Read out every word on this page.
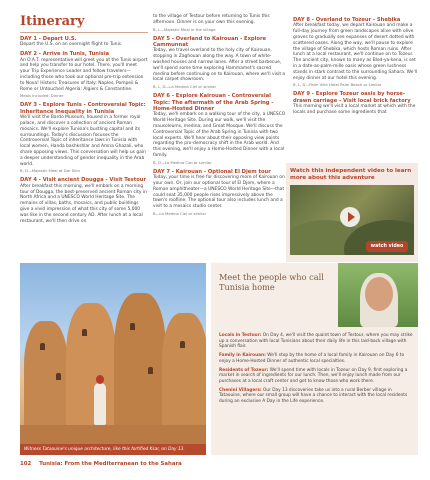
Itinerary
DAY 1 - Depart U.S.
Depart the U.S. on an overnight flight to Tunis.
DAY 2 - Arrive in Tunis, Tunisia
An O.A.T. representative will greet you at the Tunis airport and help you transfer to our hotel. There, you'll meet your Trip Experience Leader and fellow travelers—including those who took our optional pre-trip extension to Nova! Historic Treasures of Italy: Naples, Pompeii & Rome or Untouched Algeria: Algiers & Constantine.
Meals included: Dinner
DAY 3 - Explore Tunis - Controversial Topic: Inheritance Inequality in Tunisia
We'll visit the Bardo Museum, housed in a former royal palace, and discover a collection of ancient Roman mosaics. We'll explore Tunisia's bustling capital and its surroundings. Today's discussion focuses the Controversial Topic of inheritance laws in Tunisia with local women, Handa bashkshlar and Amna Ghazali, who share opposing views. This conversation will help us gain a deeper understanding of gender inequality in the Arab world.
B, D—Majestic Meal at Dar Slim
DAY 4 - Visit ancient Dougga - Visit Testour
After breakfast this morning, we'll embark on a morning tour of Dougga, the best-preserved ancient Roman city in North Africa and a UNESCO World Heritage Site. The remains of villas, baths, mosaics, and public buildings give a vivid impression of what this city of some 5,000 was like in the second century AD. After lunch at a local restaurant, we'll then drive on
to the village of Testour before returning to Tunis this afternoon. Dinner is on your own this evening.
B, L—Majestic Meal in the village
DAY 5 - Overland to Kairouan - Explore Cammunnat
Today, we travel overland to the holy city of Kairouan, stopping in Zaghouan along the way. A town of white-washed houses and narrow lanes. After a street barbecue, we'll spend some time exploring Hammamet's sacred medina before continuing on to Kairouan, where we'll visit a local carpet showroom.
B, L, D—La Medina Ciel or similar
DAY 6 - Explore Kairouan - Controversial Topic: The aftermath of the Arab Spring - Home-Hosted Dinner
Today, we'll embark on a walking tour of the city, a UNESCO World Heritage Site. During our walk, we'll visit the mausoleums, medina, and Great Mosque. We'll discuss the Controversial Topic of the Arab Spring in Tunisia with two local experts. We'll hear about their opposing view points regarding the pro-democracy shift in the Arab world. And this evening, we'll enjoy a Home-Hosted Dinner with a local family.
B, D—La Medina Ciel or similar
DAY 7 - Kairouan - Optional El Djem tour
Today, your time is free for discovering more of Kairouan on your own. Or, join our optional tour of El Djem, where a Roman amphitheater—a UNESCO World Heritage Site—that could seat 35,000 people rises impressively above the town's roofline. The optional tour also includes lunch and a visit to a mosaics studio center.
B—La Medina Ciel or similar
DAY 8 - Overland to Tozeur - Shebika
After breakfast today, we depart Kairouan and make a full-day journey from green landscapes alive with olive groves to gradually see expanses of desert dotted with scattered oases. Along the way, we'll pause to explore the village of Shebika, which hosts Roman ruins. After lunch at a local restaurant, we'll continue on to Tozeur. The ancient city, known to many as Bled-ya-kena, is set in a date-as-palm-mille oasis whose green lushness stands in stark contrast to the surrounding Sahara. We'll enjoy dinner at our hotel this evening.
B, L, D—Palm Ville Hotel Palm Beach or similar
DAY 9 - Explore Tozeur oasis by horse-drawn carriage - Visit local brick factory
This morning we'll visit a local market at which with the locals and purchase some ingredients that
Watch this independent video to learn more about this adventure
watch video
Witness Tataouine's unique architecture, like this fortified Ksar, on Day 13.
Meet the people who call Tunisia home
Locals in Testour: On Day 4, we'll visit the quaint town of Testour, where you may strike up a conversation with local Tunisians about their daily life in this laid-back village with Spanish flair.
Family in Kairouan: We'll stop by the home of a local family in Kairouan on Day 6 to enjoy a Home-Hosted Dinner of authentic local specialties.
Residents of Tozeur: We'll spend time with locals in Tozeur on Day 9, first exploring a market in search of ingredients for our lunch. Then, we'll enjoy lunch made from our purchases at a local craft center and get to know those who work there.
Chenini Villagers: Our Day 13 discoveries take us into a rural Berber village in Tataouine, where our small group will have a chance to interact with the local residents during an exclusive A Day in the Life experience.
102 Tunisia: From the Mediterranean to the Sahara
